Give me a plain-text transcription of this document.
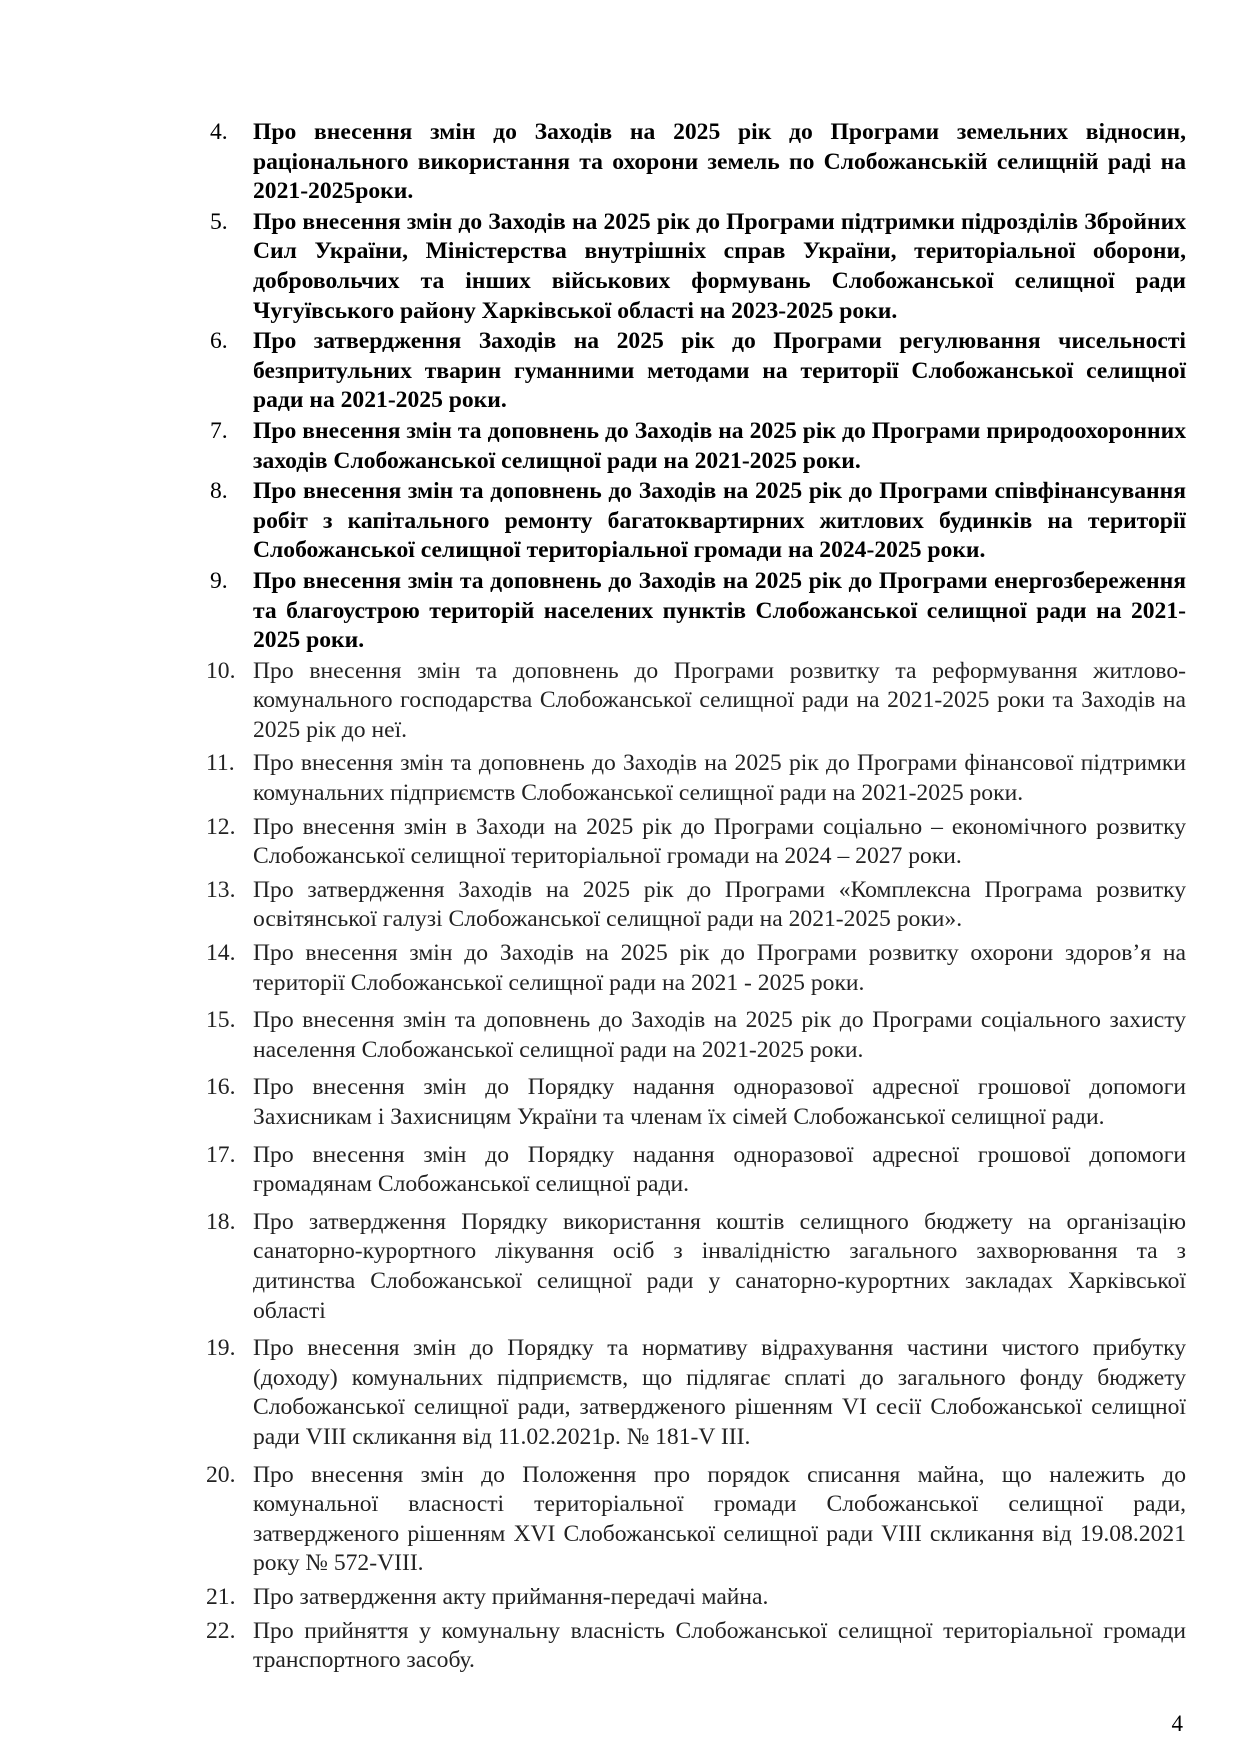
4.	Про внесення змін до Заходів на 2025 рік до Програми земельних відносин, раціонального використання та охорони земель по Слобожанській селищній раді на 2021-2025роки.
5.	Про внесення змін до Заходів на 2025 рік до Програми підтримки підрозділів Збройних Сил України, Міністерства внутрішніх справ України, територіальної оборони, добровольчих та інших військових формувань Слобожанської селищної ради Чугуївського району Харківської області на 2023-2025 роки.
6.	Про затвердження Заходів на 2025 рік до Програми регулювання чисельності безпритульних тварин гуманними методами на території Слобожанської селищної ради на 2021-2025 роки.
7.	Про внесення змін та доповнень до Заходів на 2025 рік до Програми природоохоронних заходів Слобожанської селищної ради на 2021-2025 роки.
8.	Про внесення змін та доповнень до Заходів на 2025 рік до Програми співфінансування робіт з капітального ремонту багатоквартирних житлових будинків на території Слобожанської селищної територіальної громади на 2024-2025 роки.
9.	Про внесення змін та доповнень до Заходів на 2025 рік до Програми енергозбереження та благоустрою територій населених пунктів Слобожанської селищної ради на 2021-2025 роки.
10. Про внесення змін та доповнень до Програми розвитку та реформування житлово-комунального господарства Слобожанської селищної ради на 2021-2025 роки та Заходів на 2025 рік до неї.
11. Про внесення змін та доповнень до Заходів на 2025 рік до Програми фінансової підтримки комунальних підприємств Слобожанської селищної ради на 2021-2025 роки.
12. Про внесення змін в Заходи на 2025 рік до Програми соціально – економічного розвитку Слобожанської селищної територіальної громади на 2024 – 2027 роки.
13. Про затвердження Заходів на 2025 рік до Програми «Комплексна Програма розвитку освітянської галузі Слобожанської селищної ради на 2021-2025 роки».
14. Про внесення змін до Заходів на 2025 рік до Програми розвитку охорони здоров’я на території Слобожанської селищної ради на 2021 - 2025 роки.
15. Про внесення змін та доповнень до Заходів на 2025 рік до Програми соціального захисту населення Слобожанської селищної ради на 2021-2025 роки.
16. Про внесення змін до Порядку надання одноразової адресної грошової допомоги Захисникам і Захисницям України та членам їх сімей Слобожанської селищної ради.
17. Про внесення змін до Порядку надання одноразової адресної грошової допомоги громадянам Слобожанської селищної ради.
18. Про затвердження Порядку використання коштів селищного бюджету на організацію санаторно-курортного лікування осіб з інвалідністю загального захворювання та з дитинства Слобожанської селищної ради у санаторно-курортних закладах Харківської області
19. Про внесення змін до Порядку та нормативу відрахування частини чистого прибутку (доходу) комунальних підприємств, що підлягає сплаті до загального фонду бюджету Слобожанської селищної ради, затвердженого рішенням VI сесії Слобожанської селищної ради VIII скликання від 11.02.2021р. № 181-V ІІІ.
20. Про внесення змін до Положення про порядок списання майна, що належить до комунальної власності територіальної громади Слобожанської селищної ради, затвердженого рішенням XVI Слобожанської селищної ради VIII скликання від 19.08.2021 року № 572-VIII.
21. Про затвердження акту приймання-передачі майна.
22. Про прийняття у комунальну власність Слобожанської селищної територіальної громади транспортного засобу.
4
